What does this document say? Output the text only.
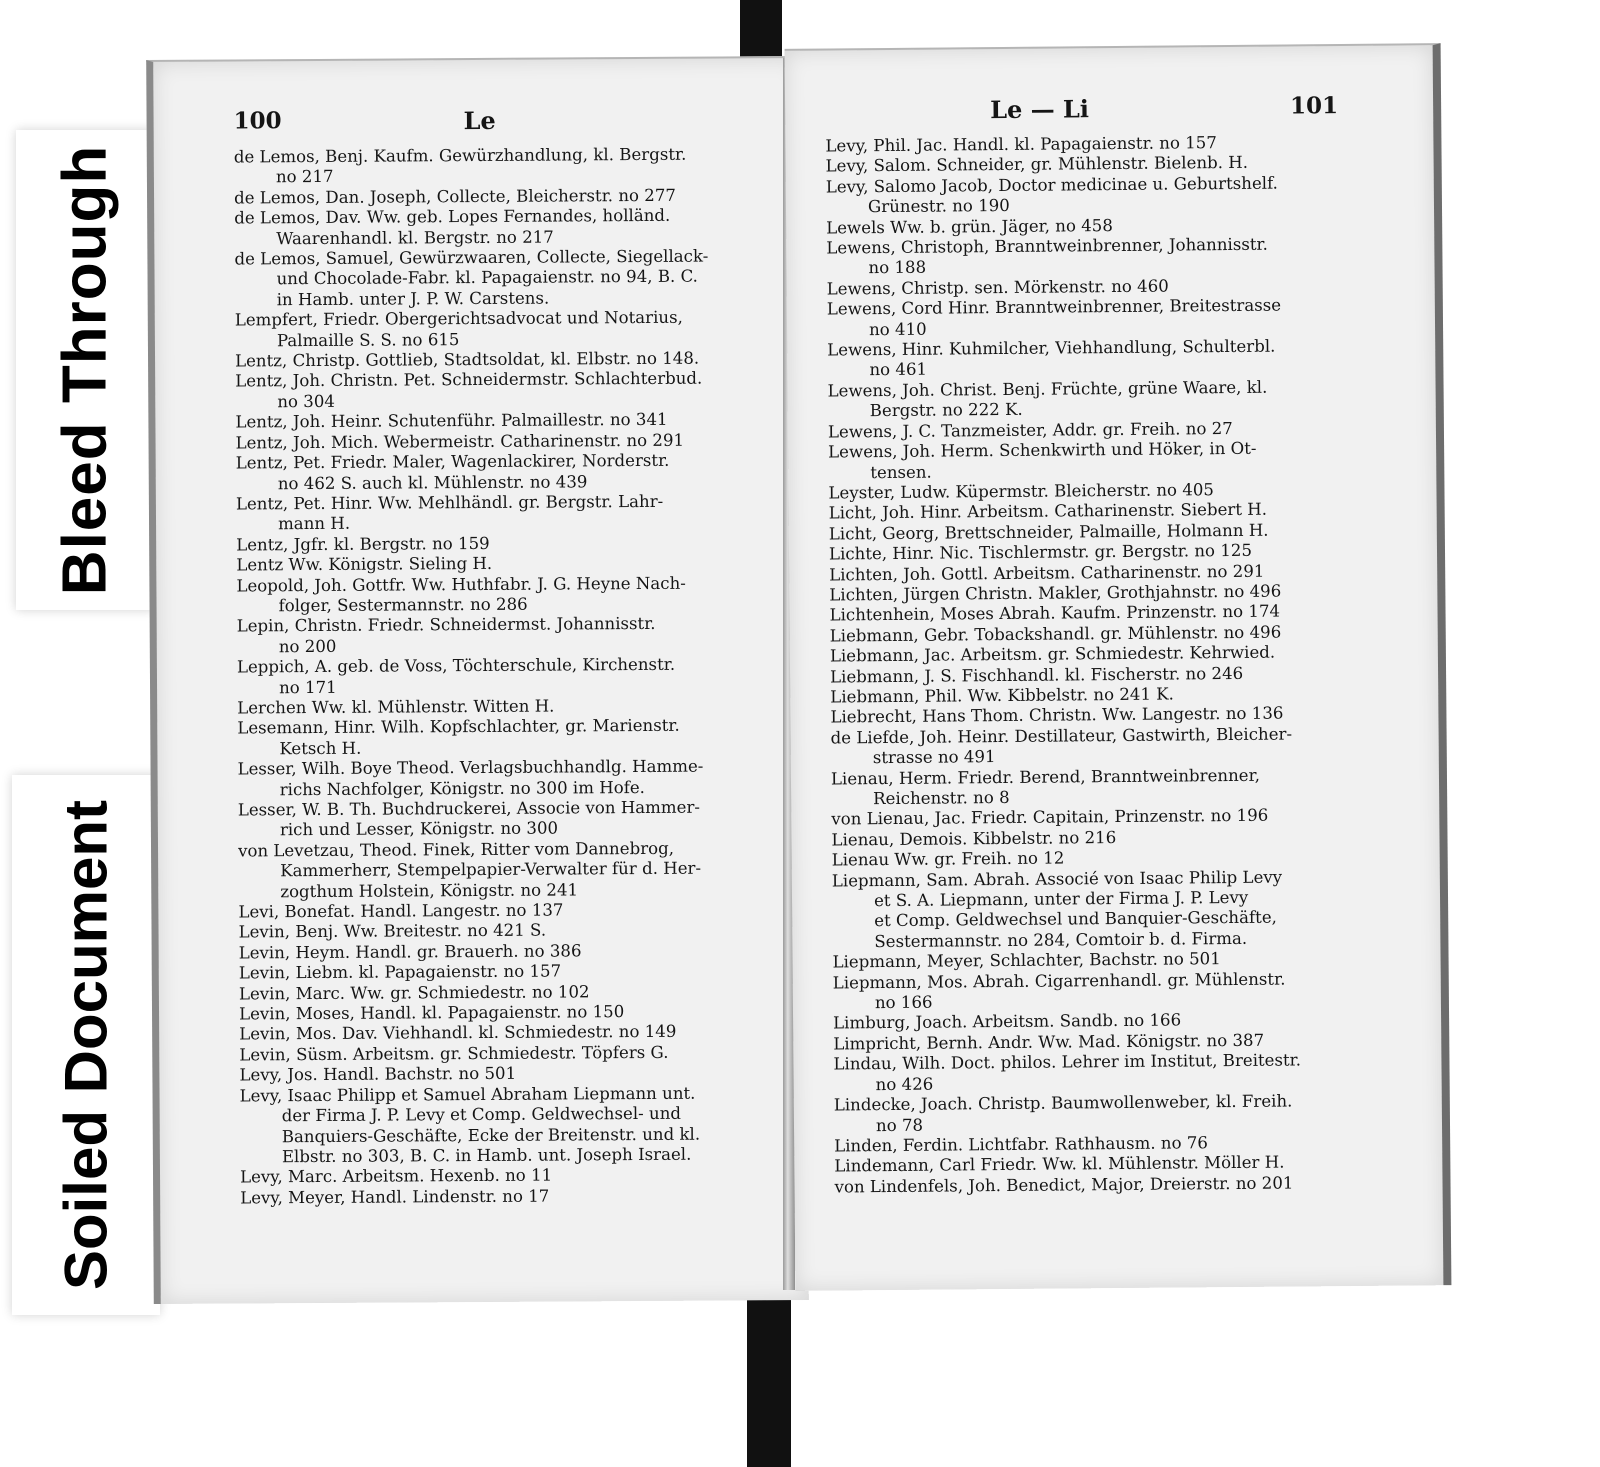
Bleed Through
Soiled Document
100	Le
de Lemos, Benj. Kaufm. Gewürzhandlung, kl. Bergstr.
no 217
de Lemos, Dan. Joseph, Collecte, Bleicherstr. no 277
de Lemos, Dav. Ww. geb. Lopes Fernandes, holländ.
Waarenhandl. kl. Bergstr. no 217
de Lemos, Samuel, Gewürzwaaren, Collecte, Siegellack-
und Chocolade-Fabr. kl. Papagaienstr. no 94, B. C.
in Hamb. unter J. P. W. Carstens.
Lempfert, Friedr. Obergerichtsadvocat und Notarius,
Palmaille S. S. no 615
Lentz, Christp. Gottlieb, Stadtsoldat, kl. Elbstr. no 148.
Lentz, Joh. Christn. Pet. Schneidermstr. Schlachterbud.
no 304
Lentz, Joh. Heinr. Schutenführ. Palmaillestr. no 341
Lentz, Joh. Mich. Webermeistr. Catharinenstr. no 291
Lentz, Pet. Friedr. Maler, Wagenlackirer, Norderstr.
no 462 S. auch kl. Mühlenstr. no 439
Lentz, Pet. Hinr. Ww. Mehlhändl. gr. Bergstr. Lahr-
mann H.
Lentz, Jgfr. kl. Bergstr. no 159
Lentz Ww. Königstr. Sieling H.
Leopold, Joh. Gottfr. Ww. Huthfabr. J. G. Heyne Nach-
folger, Sestermannstr. no 286
Lepin, Christn. Friedr. Schneidermst. Johannisstr.
no 200
Leppich, A. geb. de Voss, Töchterschule, Kirchenstr.
no 171
Lerchen Ww. kl. Mühlenstr. Witten H.
Lesemann, Hinr. Wilh. Kopfschlachter, gr. Marienstr.
Ketsch H.
Lesser, Wilh. Boye Theod. Verlagsbuchhandlg. Hamme-
richs Nachfolger, Königstr. no 300 im Hofe.
Lesser, W. B. Th. Buchdruckerei, Associe von Hammer-
rich und Lesser, Königstr. no 300
von Levetzau, Theod. Finek, Ritter vom Dannebrog,
Kammerherr, Stempelpapier-Verwalter für d. Her-
zogthum Holstein, Königstr. no 241
Levi, Bonefat. Handl. Langestr. no 137
Levin, Benj. Ww. Breitestr. no 421 S.
Levin, Heym. Handl. gr. Brauerh. no 386
Levin, Liebm. kl. Papagaienstr. no 157
Levin, Marc. Ww. gr. Schmiedestr. no 102
Levin, Moses, Handl. kl. Papagaienstr. no 150
Levin, Mos. Dav. Viehhandl. kl. Schmiedestr. no 149
Levin, Süsm. Arbeitsm. gr. Schmiedestr. Töpfers G.
Levy, Jos. Handl. Bachstr. no 501
Levy, Isaac Philipp et Samuel Abraham Liepmann unt.
der Firma J. P. Levy et Comp. Geldwechsel- und
Banquiers-Geschäfte, Ecke der Breitenstr. und kl.
Elbstr. no 303, B. C. in Hamb. unt. Joseph Israel.
Levy, Marc. Arbeitsm. Hexenb. no 11
Levy, Meyer, Handl. Lindenstr. no 17
Le — Li	101
Levy, Phil. Jac. Handl. kl. Papagaienstr. no 157
Levy, Salom. Schneider, gr. Mühlenstr. Bielenb. H.
Levy, Salomo Jacob, Doctor medicinae u. Geburtshelf.
Grünestr. no 190
Lewels Ww. b. grün. Jäger, no 458
Lewens, Christoph, Branntweinbrenner, Johannisstr.
no 188
Lewens, Christp. sen. Mörkenstr. no 460
Lewens, Cord Hinr. Branntweinbrenner, Breitestrasse
no 410
Lewens, Hinr. Kuhmilcher, Viehhandlung, Schulterbl.
no 461
Lewens, Joh. Christ. Benj. Früchte, grüne Waare, kl.
Bergstr. no 222 K.
Lewens, J. C. Tanzmeister, Addr. gr. Freih. no 27
Lewens, Joh. Herm. Schenkwirth und Höker, in Ot-
tensen.
Leyster, Ludw. Küpermstr. Bleicherstr. no 405
Licht, Joh. Hinr. Arbeitsm. Catharinenstr. Siebert H.
Licht, Georg, Brettschneider, Palmaille, Holmann H.
Lichte, Hinr. Nic. Tischlermstr. gr. Bergstr. no 125
Lichten, Joh. Gottl. Arbeitsm. Catharinenstr. no 291
Lichten, Jürgen Christn. Makler, Grothjahnstr. no 496
Lichtenhein, Moses Abrah. Kaufm. Prinzenstr. no 174
Liebmann, Gebr. Tobackshandl. gr. Mühlenstr. no 496
Liebmann, Jac. Arbeitsm. gr. Schmiedestr. Kehrwied.
Liebmann, J. S. Fischhandl. kl. Fischerstr. no 246
Liebmann, Phil. Ww. Kibbelstr. no 241 K.
Liebrecht, Hans Thom. Christn. Ww. Langestr. no 136
de Liefde, Joh. Heinr. Destillateur, Gastwirth, Bleicher-
strasse no 491
Lienau, Herm. Friedr. Berend, Branntweinbrenner,
Reichenstr. no 8
von Lienau, Jac. Friedr. Capitain, Prinzenstr. no 196
Lienau, Demois. Kibbelstr. no 216
Lienau Ww. gr. Freih. no 12
Liepmann, Sam. Abrah. Associé von Isaac Philip Levy
et S. A. Liepmann, unter der Firma J. P. Levy
et Comp. Geldwechsel und Banquier-Geschäfte,
Sestermannstr. no 284, Comtoir b. d. Firma.
Liepmann, Meyer, Schlachter, Bachstr. no 501
Liepmann, Mos. Abrah. Cigarrenhandl. gr. Mühlenstr.
no 166
Limburg, Joach. Arbeitsm. Sandb. no 166
Limpricht, Bernh. Andr. Ww. Mad. Königstr. no 387
Lindau, Wilh. Doct. philos. Lehrer im Institut, Breitestr.
no 426
Lindecke, Joach. Christp. Baumwollenweber, kl. Freih.
no 78
Linden, Ferdin. Lichtfabr. Rathhausm. no 76
Lindemann, Carl Friedr. Ww. kl. Mühlenstr. Möller H.
von Lindenfels, Joh. Benedict, Major, Dreierstr. no 201
